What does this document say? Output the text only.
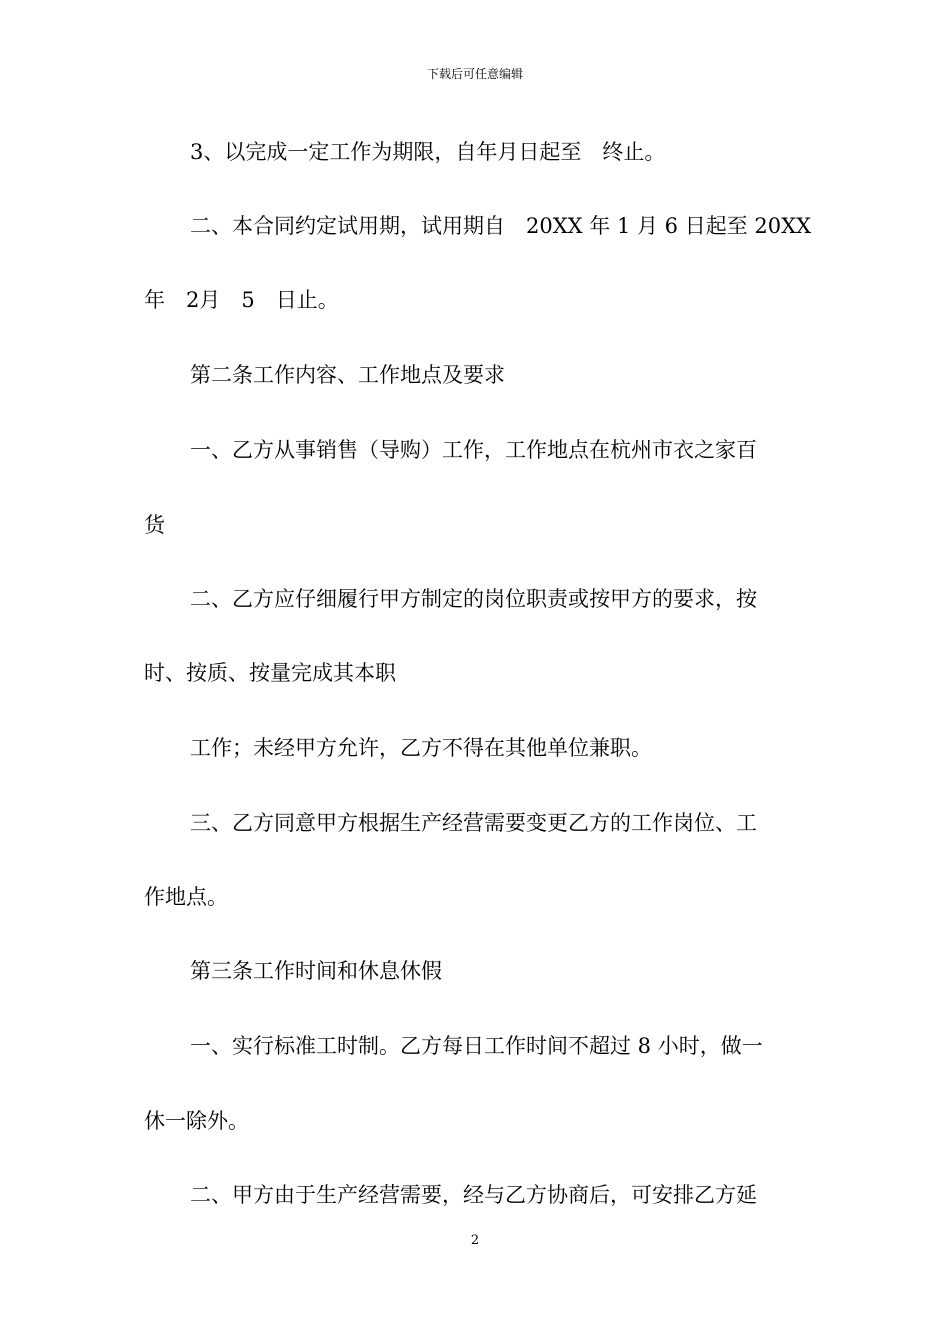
下载后可任意编辑
3、以完成一定工作为期限，自年月日起至　终止。
二、本合同约定试用期，试用期自　20XX 年 1 月 6 日起至 20XX
年　2月　5　日止。
第二条工作内容、工作地点及要求
一、乙方从事销售（导购）工作，工作地点在杭州市衣之家百
货
二、乙方应仔细履行甲方制定的岗位职责或按甲方的要求，按
时、按质、按量完成其本职
工作；未经甲方允许，乙方不得在其他单位兼职。
三、乙方同意甲方根据生产经营需要变更乙方的工作岗位、工
作地点。
第三条工作时间和休息休假
一、实行标准工时制。乙方每日工作时间不超过 8 小时，做一
休一除外。
二、甲方由于生产经营需要，经与乙方协商后，可安排乙方延
2
